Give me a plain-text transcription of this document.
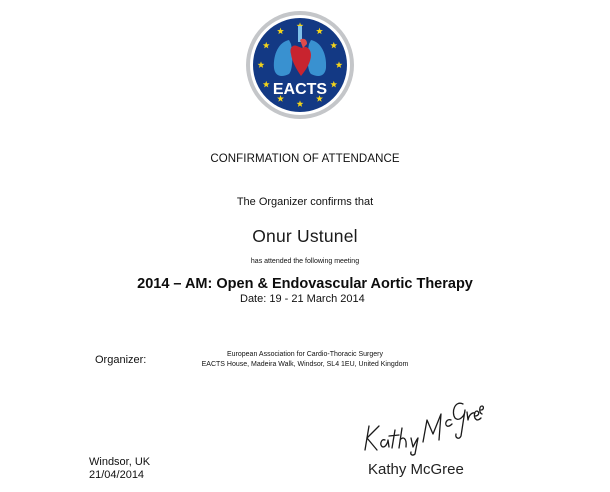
EACTS
CONFIRMATION OF ATTENDANCE
The Organizer confirms that
Onur Ustunel
has attended the following meeting
2014 – AM: Open & Endovascular Aortic Therapy
Date: 19 - 21 March 2014
Organizer:	European Association for Cardio-Thoracic Surgery
EACTS House, Madeira Walk, Windsor, SL4 1EU, United Kingdom
Windsor, UK
21/04/2014	Kathy McGree
